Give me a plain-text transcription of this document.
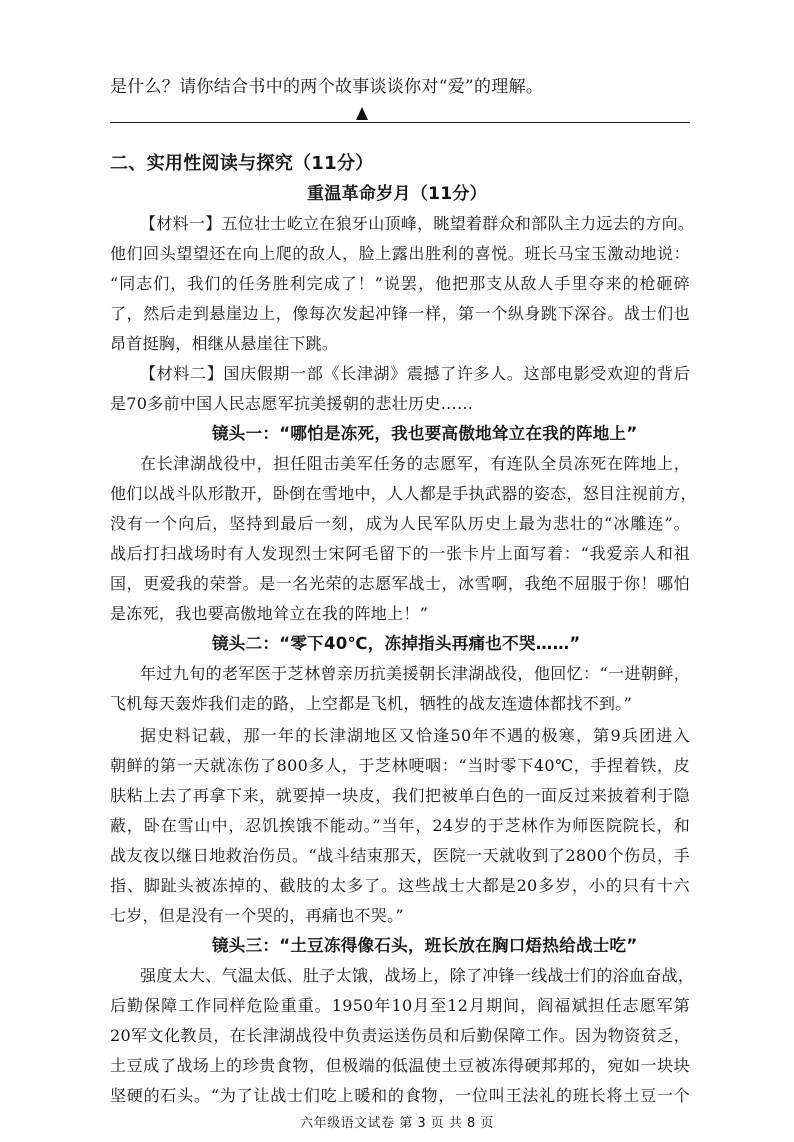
是什么？请你结合书中的两个故事谈谈你对“爱”的理解。
二、实用性阅读与探究（11分）
重温革命岁月（11分）
【材料一】五位壮士屹立在狼牙山顶峰，眺望着群众和部队主力远去的方向。
他们回头望望还在向上爬的敌人，脸上露出胜利的喜悦。班长马宝玉激动地说：
“同志们，我们的任务胜利完成了！”说罢，他把那支从敌人手里夺来的枪砸碎
了，然后走到悬崖边上，像每次发起冲锋一样，第一个纵身跳下深谷。战士们也
昂首挺胸，相继从悬崖往下跳。
【材料二】国庆假期一部《长津湖》震撼了许多人。这部电影受欢迎的背后
是70多前中国人民志愿军抗美援朝的悲壮历史……
镜头一：“哪怕是冻死，我也要高傲地耸立在我的阵地上”
在长津湖战役中，担任阻击美军任务的志愿军，有连队全员冻死在阵地上，
他们以战斗队形散开，卧倒在雪地中，人人都是手执武器的姿态，怒目注视前方，
没有一个向后，坚持到最后一刻，成为人民军队历史上最为悲壮的“冰雕连”。
战后打扫战场时有人发现烈士宋阿毛留下的一张卡片上面写着：“我爱亲人和祖
国，更爱我的荣誉。是一名光荣的志愿军战士，冰雪啊，我绝不屈服于你！哪怕
是冻死，我也要高傲地耸立在我的阵地上！”
镜头二：“零下40℃，冻掉指头再痛也不哭……”
年过九旬的老军医于芝林曾亲历抗美援朝长津湖战役，他回忆：“一进朝鲜，
飞机每天轰炸我们走的路，上空都是飞机，牺牲的战友连遗体都找不到。”
据史料记载，那一年的长津湖地区又恰逢50年不遇的极寒，第9兵团进入
朝鲜的第一天就冻伤了800多人，于芝林哽咽：“当时零下40℃，手捏着铁，皮
肤粘上去了再拿下来，就要掉一块皮，我们把被单白色的一面反过来披着利于隐
蔽，卧在雪山中，忍饥挨饿不能动。”当年，24岁的于芝林作为师医院院长，和
战友夜以继日地救治伤员。“战斗结束那天，医院一天就收到了2800个伤员，手
指、脚趾头被冻掉的、截肢的太多了。这些战士大都是20多岁，小的只有十六
七岁，但是没有一个哭的，再痛也不哭。”
镜头三：“土豆冻得像石头，班长放在胸口焐热给战士吃”
强度太大、气温太低、肚子太饿，战场上，除了冲锋一线战士们的浴血奋战，
后勤保障工作同样危险重重。1950年10月至12月期间，阎福斌担任志愿军第
20军文化教员，在长津湖战役中负责运送伤员和后勤保障工作。因为物资贫乏，
土豆成了战场上的珍贵食物，但极端的低温使土豆被冻得硬邦邦的，宛如一块块
坚硬的石头。“为了让战士们吃上暖和的食物，一位叫王法礼的班长将土豆一个
六年级语文试卷 第 3 页 共 8 页
